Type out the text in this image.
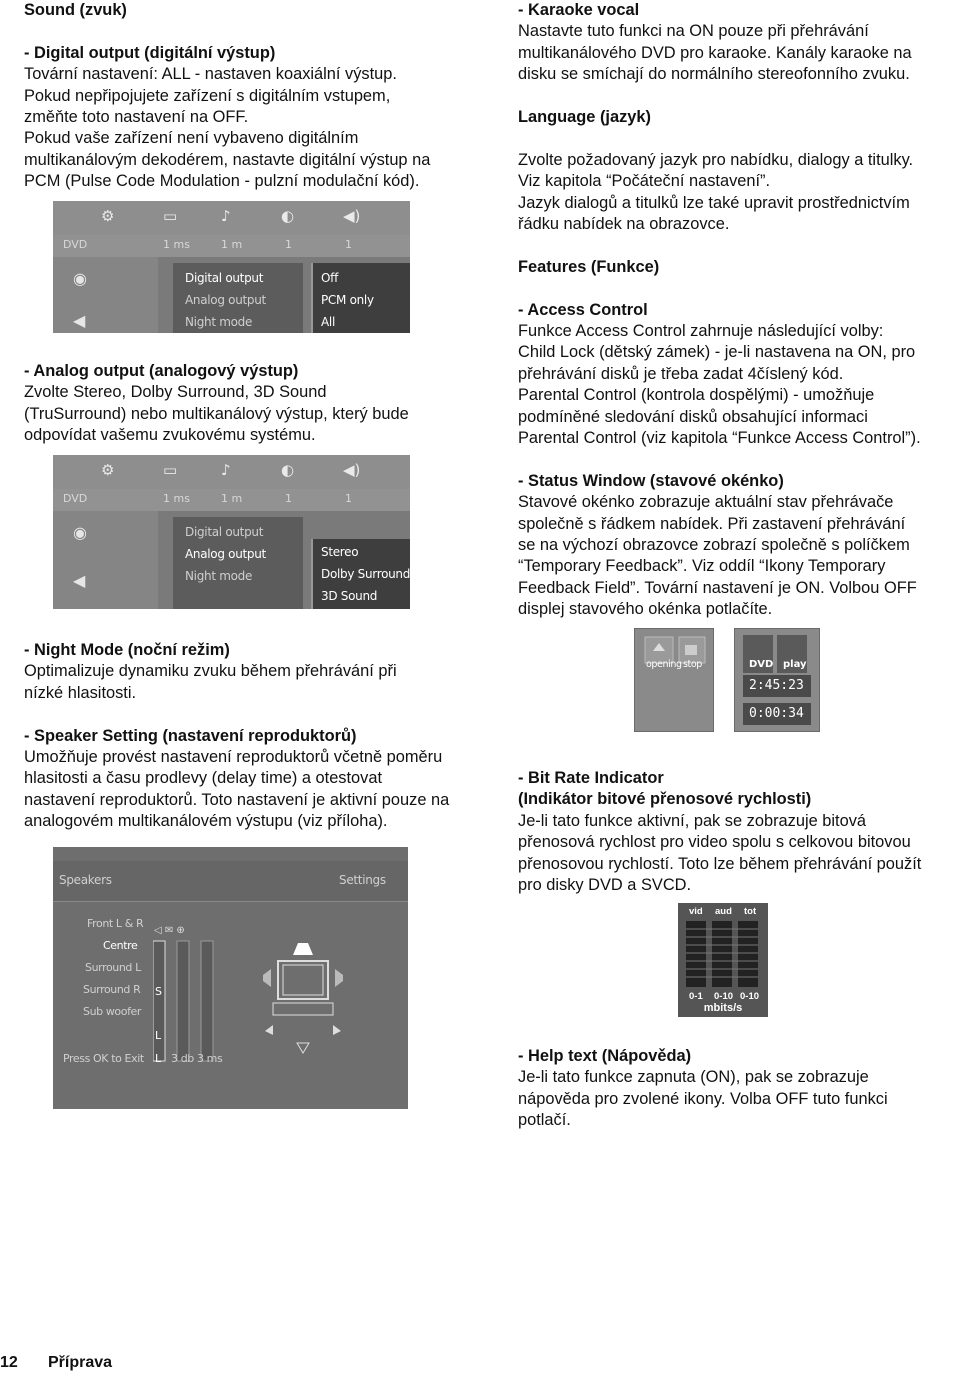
Sound (zvuk)

- Digital output (digitální výstup)

Tovární nastavení: ALL - nastaven koaxiální výstup.

Pokud nepřipojujete zařízení s digitálním vstupem,

změňte toto nastavení na OFF.

Pokud vaše zařízení není vybaveno digitálním

multikanálovým dekodérem, nastavte digitální výstup na

PCM (Pulse Code Modulation - pulzní modulační kód).

- Analog output (analogový výstup)

Zvolte Stereo, Dolby Surround, 3D Sound

(TruSurround) nebo multikanálový výstup, který bude

odpovídat vašemu zvukovému systému.

- Night Mode (noční režim)

Optimalizuje dynamiku zvuku během přehrávání při

nízké hlasitosti.

- Speaker Setting (nastavení reproduktorů)

Umožňuje provést nastavení reproduktorů včetně poměru

hlasitosti a času prodlevy (delay time) a otestovat

nastavení reproduktorů. Toto nastavení je aktivní pouze na

analogovém multikanálovém výstupu (viz příloha).

⚙	▭	♪	◐	◀)
DVD	1 ms	1 m	1	1
◉
◀
Digital output
Analog output
Night mode
Off
PCM only
All
⚙	▭	♪	◐	◀)
DVD	1 ms	1 m	1	1
◉
◀
Digital output
Analog output
Night mode
Stereo
Dolby Surround
3D Sound
Speakers	Settings
Front L & R
Centre
Surround L
Surround R
Sub woofer
◁ ✉ ⊕
S
L
L 3 db 3 ms
Press OK to Exit

- Karaoke vocal

Nastavte tuto funkci na ON pouze při přehrávání

multikanálového DVD pro karaoke. Kanály karaoke na

disku se smíchají do normálního stereofonního zvuku.

Language (jazyk)

Zvolte požadovaný jazyk pro nabídku, dialogy a titulky.

Viz kapitola “Počáteční nastavení”.

Jazyk dialogů a titulků lze také upravit prostřednictvím

řádku nabídek na obrazovce.

Features (Funkce)

- Access Control

Funkce Access Control zahrnuje následující volby:

Child Lock (dětský zámek) - je-li nastavena na ON, pro

přehrávání disků je třeba zadat 4číslený kód.

Parental Control (kontrola dospělými) - umožňuje

podmíněné sledování disků obsahující informaci

Parental Control (viz kapitola “Funkce Access Control”).

- Status Window (stavové okénko)

Stavové okénko zobrazuje aktuální stav přehrávače

společně s řádkem nabídek. Při zastavení přehrávání

se na výchozí obrazovce zobrazí společně s políčkem

“Temporary Feedback”. Viz oddíl “Ikony Temporary

Feedback Field”. Tovární nastavení je ON. Volbou OFF

displej stavového okénka potlačíte.

- Bit Rate Indicator

(Indikátor bitové přenosové rychlosti)

Je-li tato funkce aktivní, pak se zobrazuje bitová

přenosová rychlost pro video spolu s celkovou bitovou

přenosovou rychlostí. Toto lze během přehrávání použít

pro disky DVD a SVCD.

- Help text (Nápověda)

Je-li tato funkce zapnuta (ON), pak se zobrazuje

nápověda pro zvolené ikony. Volba OFF tuto funkci

potlačí.

opening stop	DVD play
2:45:23
0:00:34
vid aud tot
0-1 0-10 0-10
mbits/s
12 Příprava
